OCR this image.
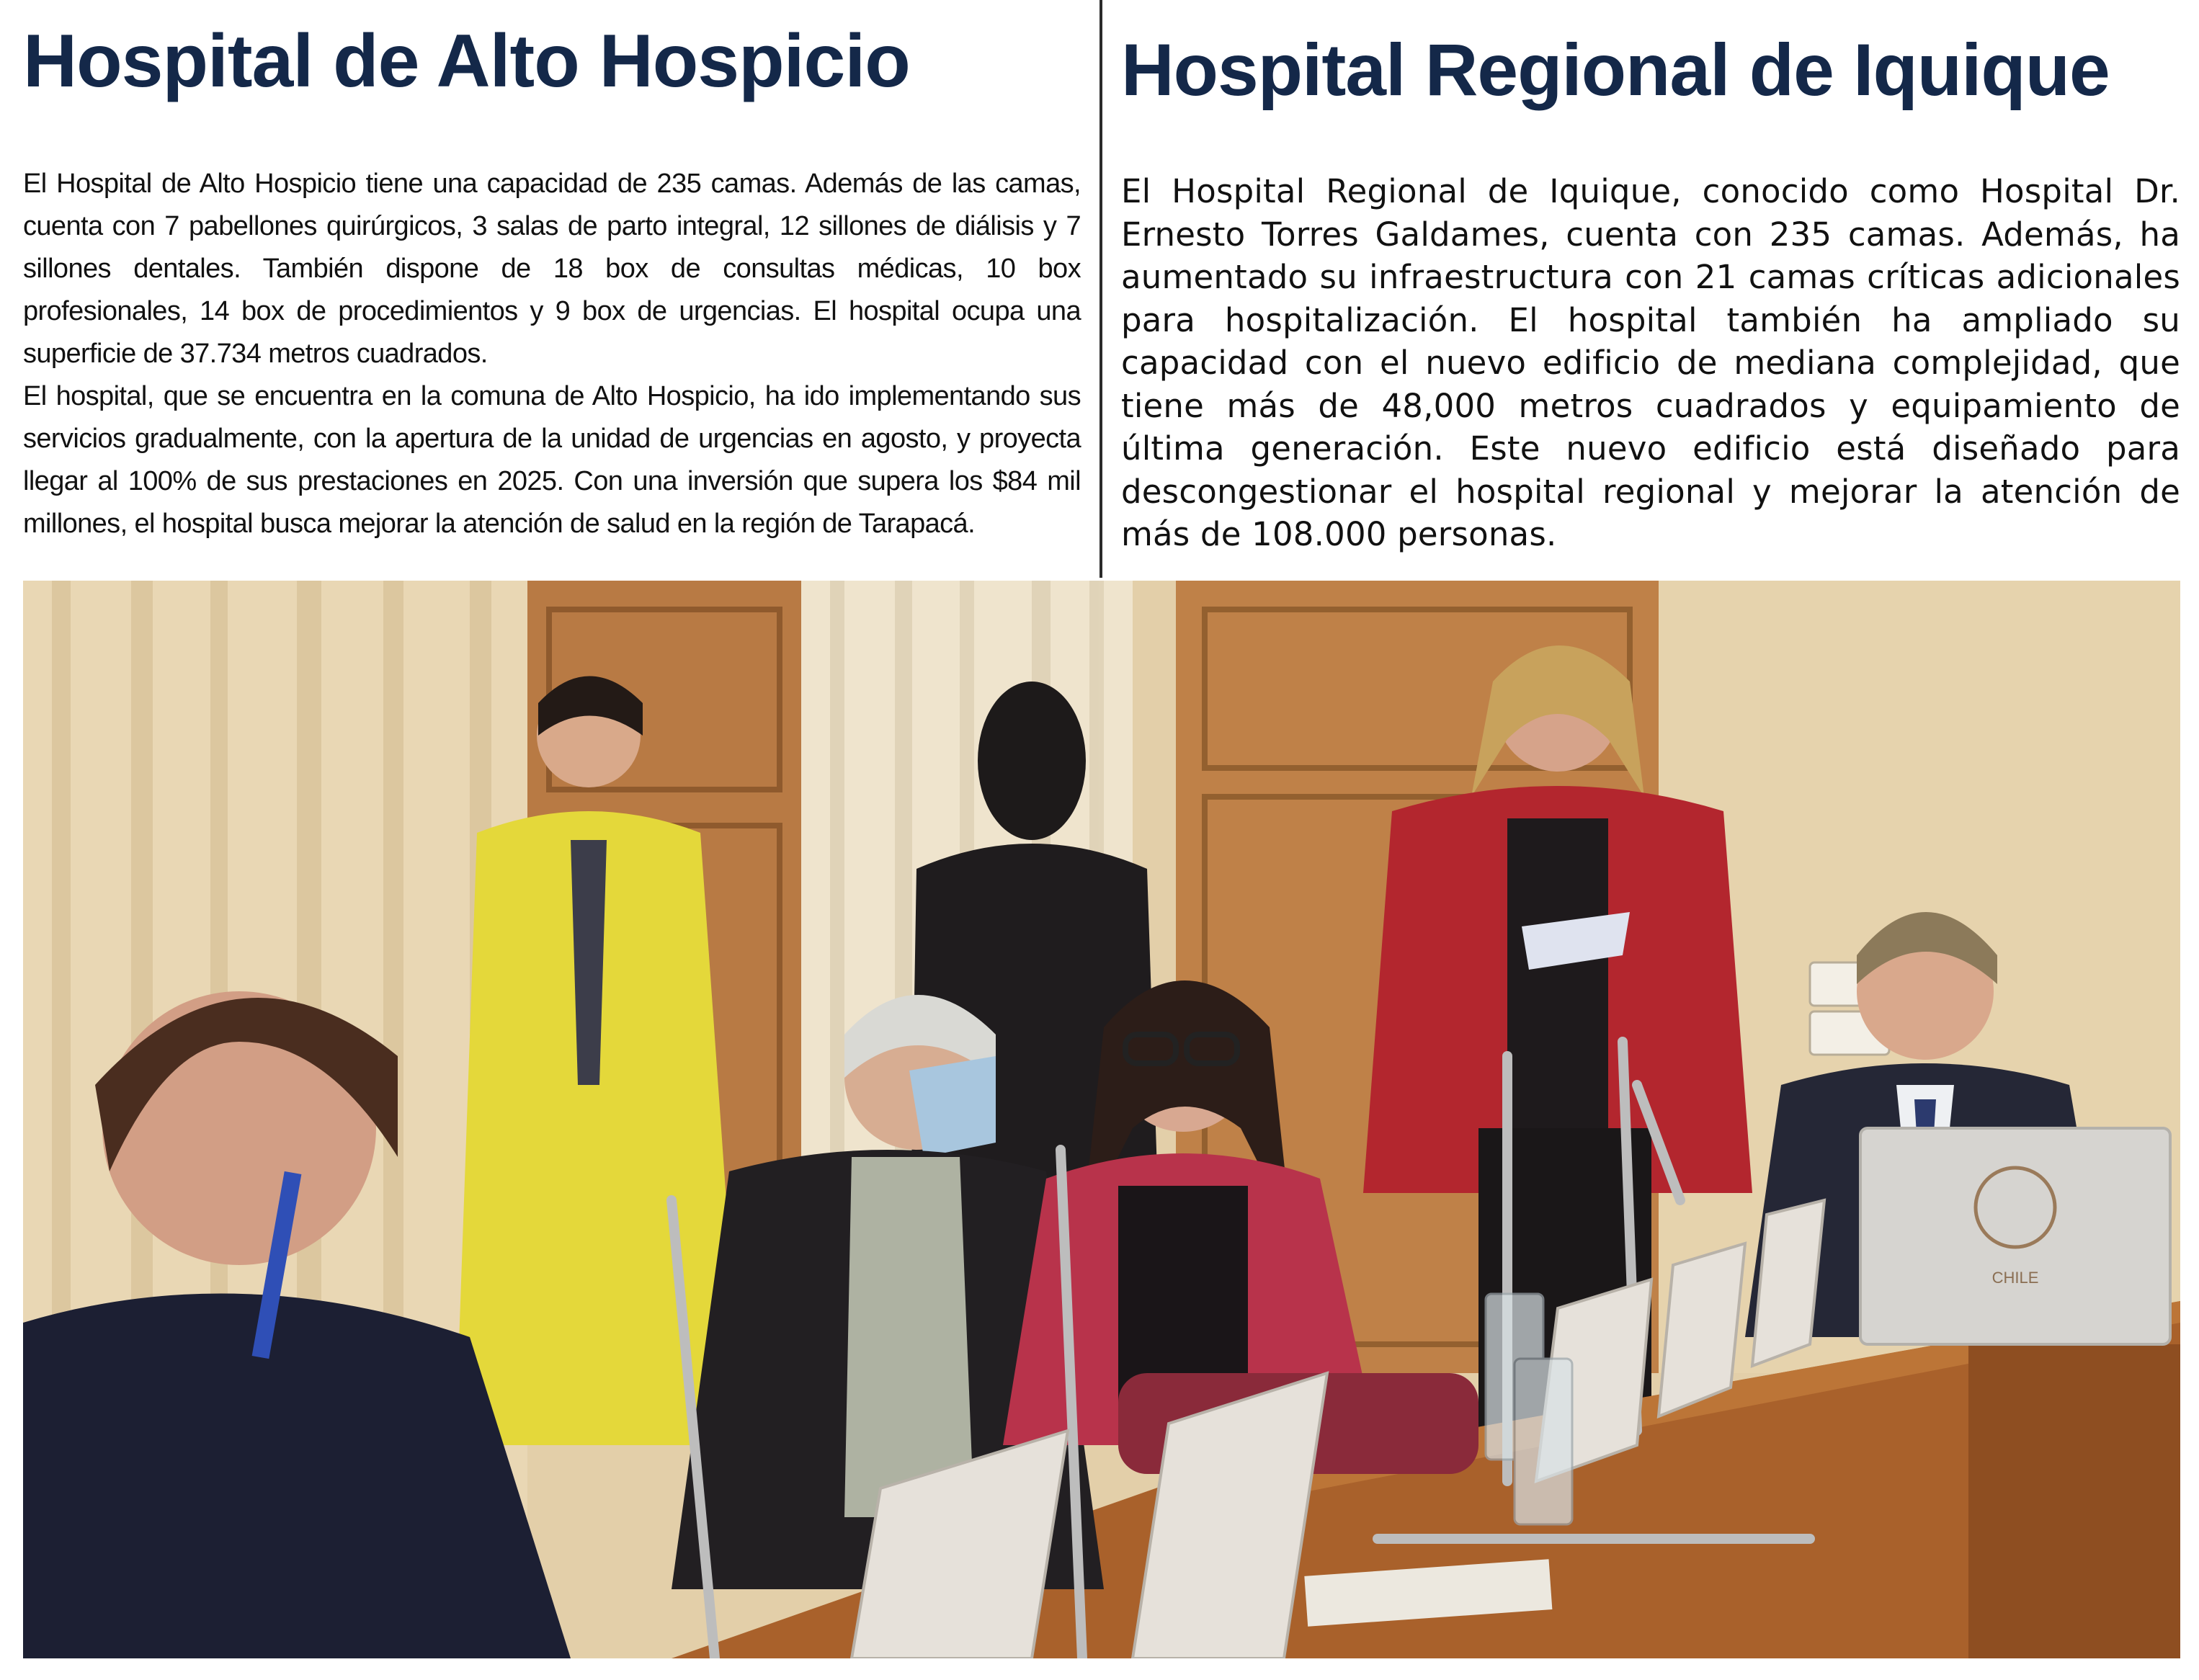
Hospital de Alto Hospicio

El Hospital de Alto Hospicio tiene una capacidad de 235 camas. Además de las camas, cuenta con 7 pabellones quirúrgicos, 3 salas de parto integral, 12 sillones de diálisis y 7 sillones dentales. También dispone de 18 box de consultas médicas, 10 box profesionales, 14 box de procedimientos y 9 box de urgencias. El hospital ocupa una superficie de 37.734 metros cuadrados.

El hospital, que se encuentra en la comuna de Alto Hospicio, ha ido implementando sus servicios gradualmente, con la apertura de la unidad de urgencias en agosto, y proyecta llegar al 100% de sus prestaciones en 2025. Con una inversión que supera los $84 mil millones, el hospital busca mejorar la atención de salud en la región de Tarapacá.

Hospital Regional de Iquique

El Hospital Regional de Iquique, conocido como Hospital Dr. Ernesto Torres Galdames, cuenta con 235 camas. Además, ha aumentado su infraestructura con 21 camas críticas adicionales para hospitalización. El hospital también ha ampliado su capacidad con el nuevo edificio de mediana complejidad, que tiene más de 48,000 metros cuadrados y equipamiento de última generación. Este nuevo edificio está diseñado para descongestionar el hospital regional y mejorar la atención de más de 108.000 personas.

CHILE
